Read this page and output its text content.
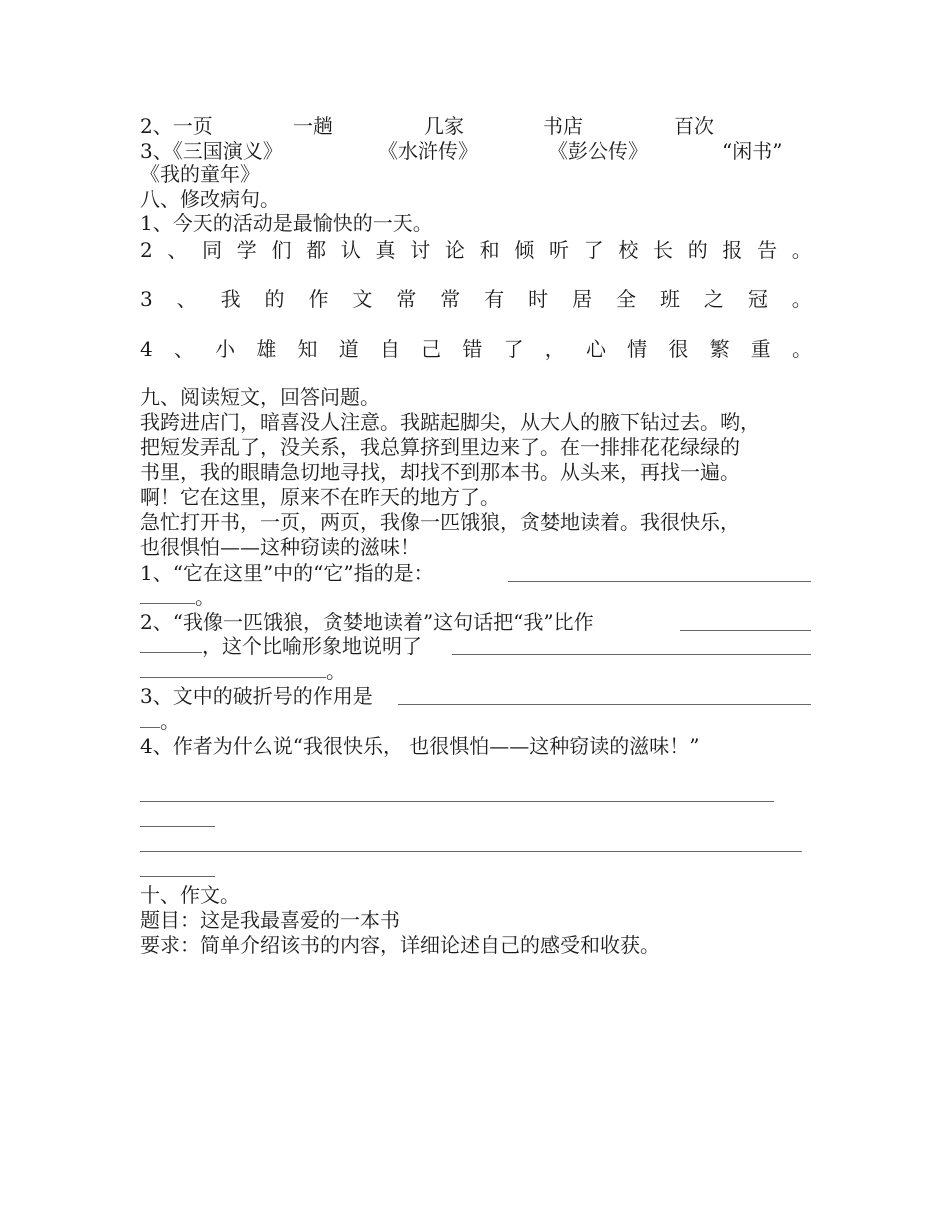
2、一页	一趟	几家	书店	百次
3、《三国演义》	《水浒传》	《彭公传》	“闲书”
《我的童年》
八、修改病句。
1、今天的活动是最愉快的一天。
2 、 同 学 们 都 认 真 讨 论 和 倾 听 了 校 长 的 报 告 。
3 、 我 的 作 文 常 常 有 时 居 全 班 之 冠 。
4 、 小 雄 知 道 自 己 错 了 ， 心 情 很 繁 重 。
九、阅读短文，回答问题。
我跨进店门，暗喜没人注意。我踮起脚尖，从大人的腋下钻过去。哟，
把短发弄乱了，没关系，我总算挤到里边来了。在一排排花花绿绿的
书里，我的眼睛急切地寻找，却找不到那本书。从头来，再找一遍。
啊！它在这里，原来不在昨天的地方了。
急忙打开书，一页，两页，我像一匹饿狼，贪婪地读着。我很快乐，
也很惧怕——这种窃读的滋味！
1、“它在这里”中的“它”指的是：
。
2、“我像一匹饿狼，贪婪地读着”这句话把“我”比作
，这个比喻形象地说明了
。
3、文中的破折号的作用是
。
4、作者为什么说“我很快乐， 也很惧怕——这种窃读的滋味！”
十、作文。
题目：这是我最喜爱的一本书
要求：简单介绍该书的内容，详细论述自己的感受和收获。
